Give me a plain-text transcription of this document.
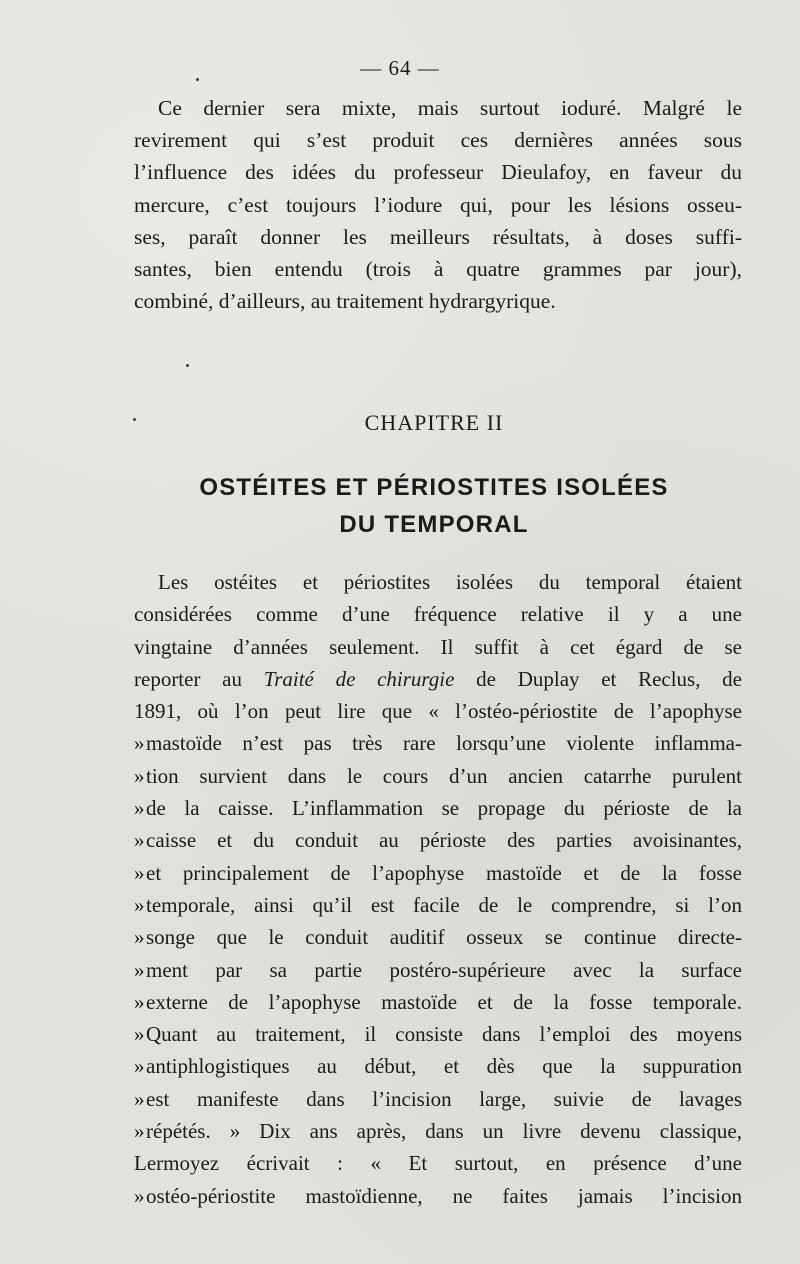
— 64 —
Ce dernier sera mixte, mais surtout ioduré. Malgré le
revirement qui s’est produit ces dernières années sous
l’influence des idées du professeur Dieulafoy, en faveur du
mercure, c’est toujours l’iodure qui, pour les lésions osseu-
ses, paraît donner les meilleurs résultats, à doses suffi-
santes, bien entendu (trois à quatre grammes par jour),
combiné, d’ailleurs, au traitement hydrargyrique.
CHAPITRE II
OSTÉITES ET PÉRIOSTITES ISOLÉES
DU TEMPORAL
Les ostéites et périostites isolées du temporal étaient
considérées comme d’une fréquence relative il y a une
vingtaine d’années seulement. Il suffit à cet égard de se
reporter au Traité de chirurgie de Duplay et Reclus, de
1891, où l’on peut lire que « l’ostéo-périostite de l’apophyse
»mastoïde n’est pas très rare lorsqu’une violente inflamma-
»tion survient dans le cours d’un ancien catarrhe purulent
»de la caisse. L’inflammation se propage du périoste de la
»caisse et du conduit au périoste des parties avoisinantes,
»et principalement de l’apophyse mastoïde et de la fosse
»temporale, ainsi qu’il est facile de le comprendre, si l’on
»songe que le conduit auditif osseux se continue directe-
»ment par sa partie postéro-supérieure avec la surface
»externe de l’apophyse mastoïde et de la fosse temporale.
»Quant au traitement, il consiste dans l’emploi des moyens
»antiphlogistiques au début, et dès que la suppuration
»est manifeste dans l’incision large, suivie de lavages
»répétés. » Dix ans après, dans un livre devenu classique,
Lermoyez écrivait : « Et surtout, en présence d’une
»ostéo-périostite mastoïdienne, ne faites jamais l’incision
